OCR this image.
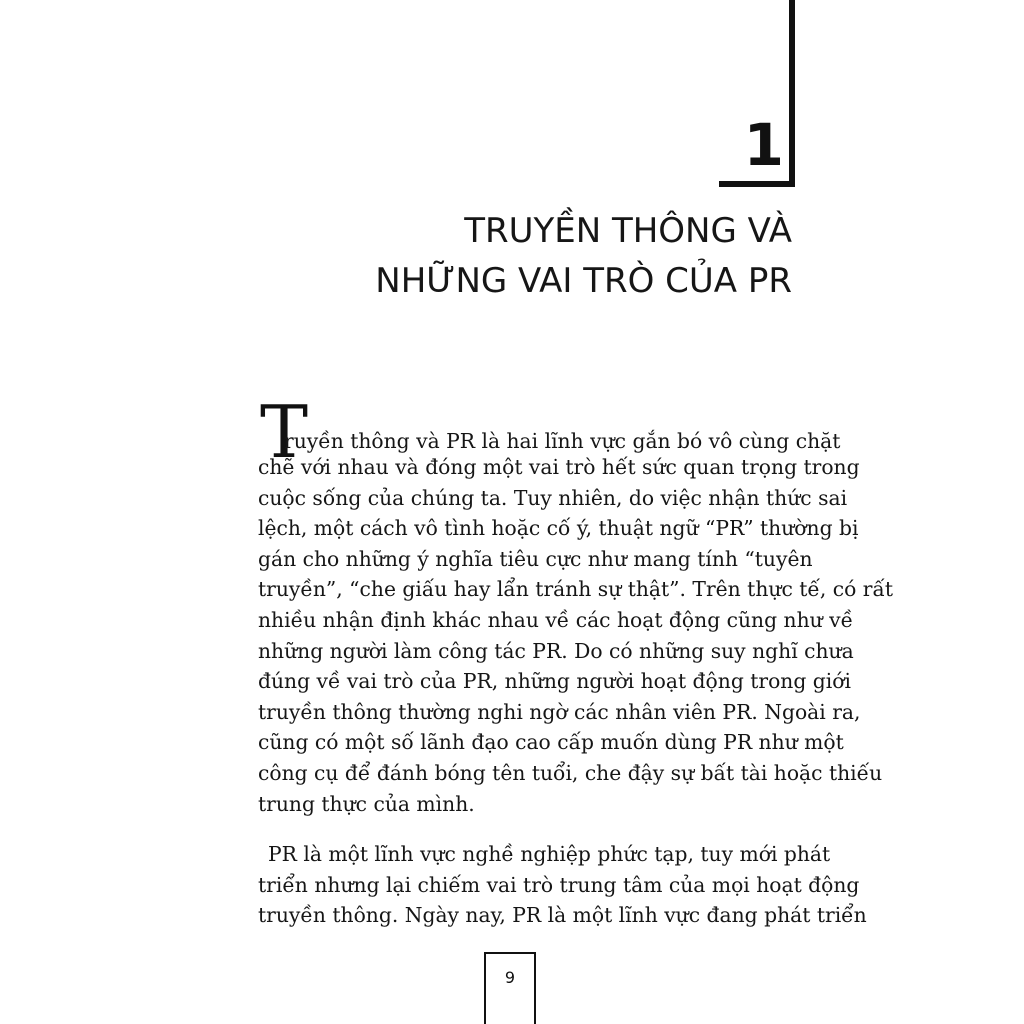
1
TRUYỀN THÔNG VÀ
NHỮNG VAI TRÒ CỦA PR
T
ruyền thông và PR là hai lĩnh vực gắn bó vô cùng chặt
chẽ với nhau và đóng một vai trò hết sức quan trọng trong
cuộc sống của chúng ta. Tuy nhiên, do việc nhận thức sai
lệch, một cách vô tình hoặc cố ý, thuật ngữ “PR” thường bị
gán cho những ý nghĩa tiêu cực như mang tính “tuyên
truyền”, “che giấu hay lẩn tránh sự thật”. Trên thực tế, có rất
nhiều nhận định khác nhau về các hoạt động cũng như về
những người làm công tác PR. Do có những suy nghĩ chưa
đúng về vai trò của PR, những người hoạt động trong giới
truyền thông thường nghi ngờ các nhân viên PR. Ngoài ra,
cũng có một số lãnh đạo cao cấp muốn dùng PR như một
công cụ để đánh bóng tên tuổi, che đậy sự bất tài hoặc thiếu
trung thực của mình.
PR là một lĩnh vực nghề nghiệp phức tạp, tuy mới phát
triển nhưng lại chiếm vai trò trung tâm của mọi hoạt động
truyền thông. Ngày nay, PR là một lĩnh vực đang phát triển
9
